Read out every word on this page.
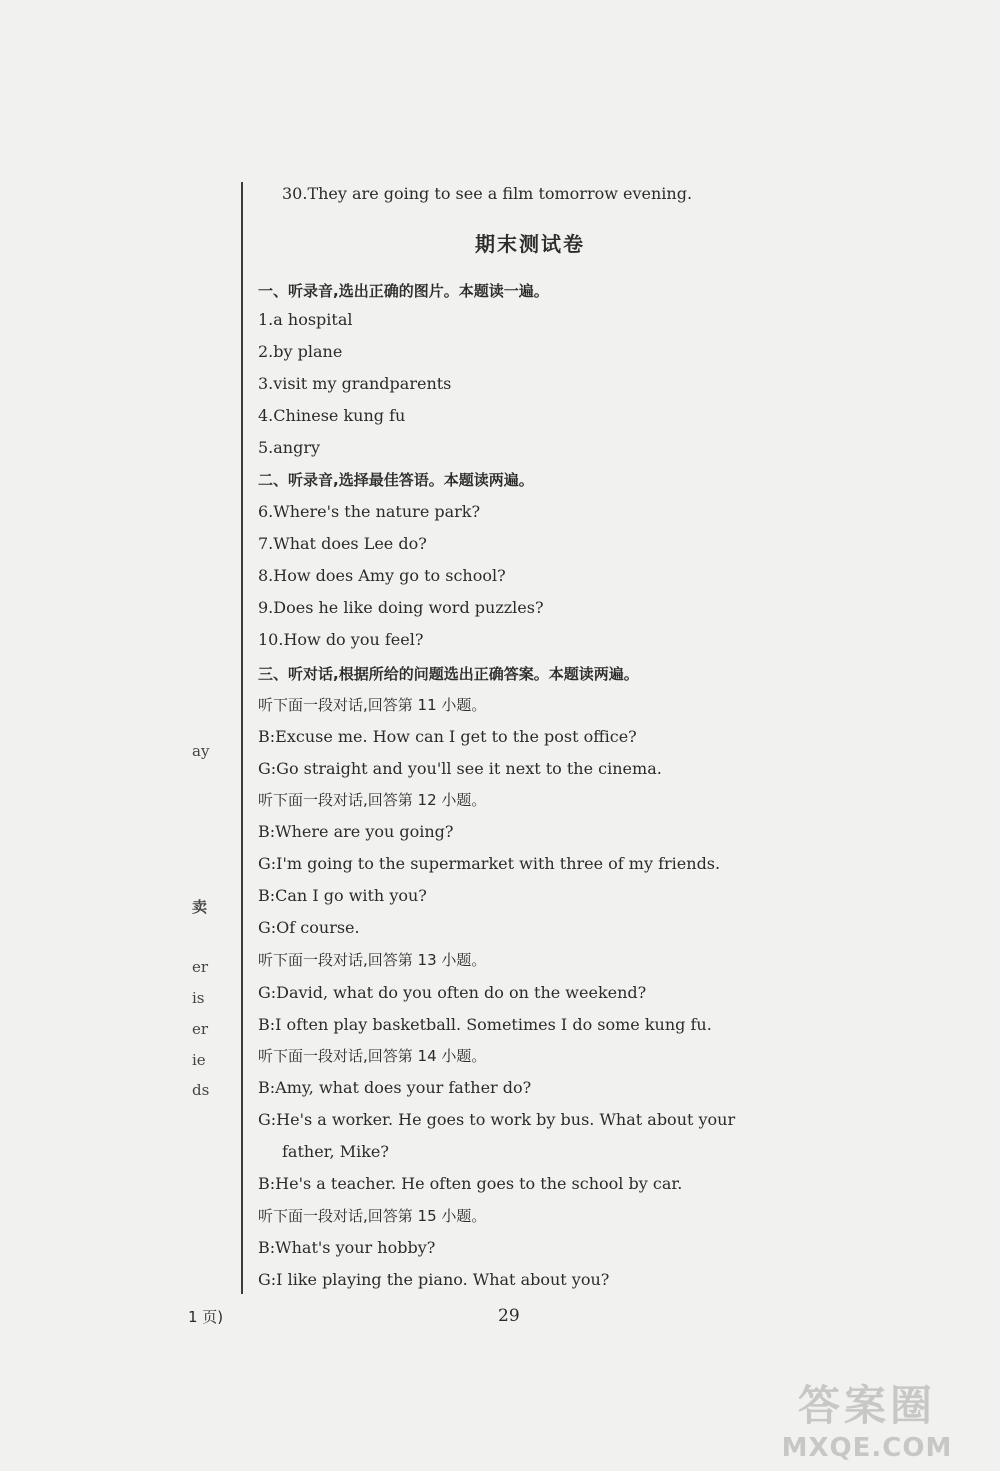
ay
卖
er
is
er
ie
ds
30.They are going to see a film tomorrow evening.
期末测试卷
一、听录音,选出正确的图片。本题读一遍。
1.a hospital
2.by plane
3.visit my grandparents
4.Chinese kung fu
5.angry
二、听录音,选择最佳答语。本题读两遍。
6.Where's the nature park?
7.What does Lee do?
8.How does Amy go to school?
9.Does he like doing word puzzles?
10.How do you feel?
三、听对话,根据所给的问题选出正确答案。本题读两遍。
听下面一段对话,回答第 11 小题。
B:Excuse me. How can I get to the post office?
G:Go straight and you'll see it next to the cinema.
听下面一段对话,回答第 12 小题。
B:Where are you going?
G:I'm going to the supermarket with three of my friends.
B:Can I go with you?
G:Of course.
听下面一段对话,回答第 13 小题。
G:David, what do you often do on the weekend?
B:I often play basketball. Sometimes I do some kung fu.
听下面一段对话,回答第 14 小题。
B:Amy, what does your father do?
G:He's a worker. He goes to work by bus. What about your
father, Mike?
B:He's a teacher. He often goes to the school by car.
听下面一段对话,回答第 15 小题。
B:What's your hobby?
G:I like playing the piano. What about you?
1 页)	29
答案圈
MXQE.COM
